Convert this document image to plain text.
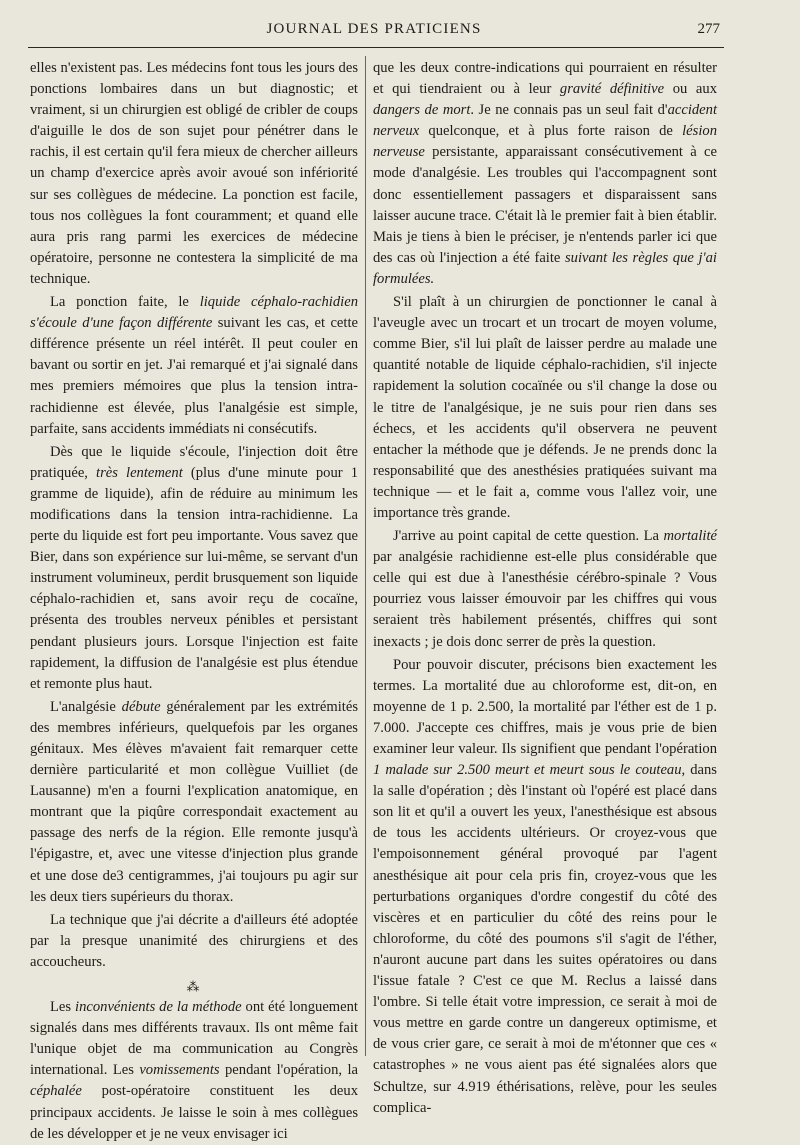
JOURNAL DES PRATICIENS	277

elles n'existent pas. Les médecins font tous les jours des ponctions lombaires dans un but diagnostic; et vraiment, si un chirurgien est obligé de cribler de coups d'aiguille le dos de son sujet pour pénétrer dans le rachis, il est certain qu'il fera mieux de chercher ailleurs un champ d'exercice après avoir avoué son infériorité sur ses collègues de médecine. La ponction est facile, tous nos collègues la font couramment; et quand elle aura pris rang parmi les exercices de médecine opératoire, personne ne contestera la simplicité de ma technique.

La ponction faite, le liquide céphalo-rachidien s'écoule d'une façon différente suivant les cas, et cette différence présente un réel intérêt. Il peut couler en bavant ou sortir en jet. J'ai remarqué et j'ai signalé dans mes premiers mémoires que plus la tension intra-rachidienne est élevée, plus l'analgésie est simple, parfaite, sans accidents immédiats ni consécutifs.

Dès que le liquide s'écoule, l'injection doit être pratiquée, très lentement (plus d'une minute pour 1 gramme de liquide), afin de réduire au minimum les modifications dans la tension intra-rachidienne. La perte du liquide est fort peu importante. Vous savez que Bier, dans son expérience sur lui-même, se servant d'un instrument volumineux, perdit brusquement son liquide céphalo-rachidien et, sans avoir reçu de cocaïne, présenta des troubles nerveux pénibles et persistant pendant plusieurs jours. Lorsque l'injection est faite rapidement, la diffusion de l'analgésie est plus étendue et remonte plus haut.

L'analgésie débute généralement par les extrémités des membres inférieurs, quelquefois par les organes génitaux. Mes élèves m'avaient fait remarquer cette dernière particularité et mon collègue Vuilliet (de Lausanne) m'en a fourni l'explication anatomique, en montrant que la piqûre correspondait exactement au passage des nerfs de la région. Elle remonte jusqu'à l'épigastre, et, avec une vitesse d'injection plus grande et une dose de3 centigrammes, j'ai toujours pu agir sur les deux tiers supérieurs du thorax.

La technique que j'ai décrite a d'ailleurs été adoptée par la presque unanimité des chirurgiens et des accoucheurs.

⁂

Les inconvénients de la méthode ont été longuement signalés dans mes différents travaux. Ils ont même fait l'unique objet de ma communication au Congrès international. Les vomissements pendant l'opération, la céphalée post-opératoire constituent les deux principaux accidents. Je laisse le soin à mes collègues de les développer et je ne veux envisager ici

que les deux contre-indications qui pourraient en résulter et qui tiendraient ou à leur gravité définitive ou aux dangers de mort. Je ne connais pas un seul fait d'accident nerveux quelconque, et à plus forte raison de lésion nerveuse persistante, apparaissant consécutivement à ce mode d'analgésie. Les troubles qui l'accompagnent sont donc essentiellement passagers et disparaissent sans laisser aucune trace. C'était là le premier fait à bien établir. Mais je tiens à bien le préciser, je n'entends parler ici que des cas où l'injection a été faite suivant les règles que j'ai formulées.

S'il plaît à un chirurgien de ponctionner le canal à l'aveugle avec un trocart et un trocart de moyen volume, comme Bier, s'il lui plaît de laisser perdre au malade une quantité notable de liquide céphalo-rachidien, s'il injecte rapidement la solution cocaïnée ou s'il change la dose ou le titre de l'analgésique, je ne suis pour rien dans ses échecs, et les accidents qu'il observera ne peuvent entacher la méthode que je défends. Je ne prends donc la responsabilité que des anesthésies pratiquées suivant ma technique — et le fait a, comme vous l'allez voir, une importance très grande.

J'arrive au point capital de cette question. La mortalité par analgésie rachidienne est-elle plus considérable que celle qui est due à l'anesthésie cérébro-spinale ? Vous pourriez vous laisser émouvoir par les chiffres qui vous seraient très habilement présentés, chiffres qui sont inexacts ; je dois donc serrer de près la question.

Pour pouvoir discuter, précisons bien exactement les termes. La mortalité due au chloroforme est, dit-on, en moyenne de 1 p. 2.500, la mortalité par l'éther est de 1 p. 7.000. J'accepte ces chiffres, mais je vous prie de bien examiner leur valeur. Ils signifient que pendant l'opération 1 malade sur 2.500 meurt et meurt sous le couteau, dans la salle d'opération ; dès l'instant où l'opéré est placé dans son lit et qu'il a ouvert les yeux, l'anesthésique est absous de tous les accidents ultérieurs. Or croyez-vous que l'empoisonnement général provoqué par l'agent anesthésique ait pour cela pris fin, croyez-vous que les perturbations organiques d'ordre congestif du côté des viscères et en particulier du côté des reins pour le chloroforme, du côté des poumons s'il s'agit de l'éther, n'auront aucune part dans les suites opératoires ou dans l'issue fatale ? C'est ce que M. Reclus a laissé dans l'ombre. Si telle était votre impression, ce serait à moi de vous mettre en garde contre un dangereux optimisme, et de vous crier gare, ce serait à moi de m'étonner que ces « catastrophes » ne vous aient pas été signalées alors que Schultze, sur 4.919 éthérisations, relève, pour les seules complica-
